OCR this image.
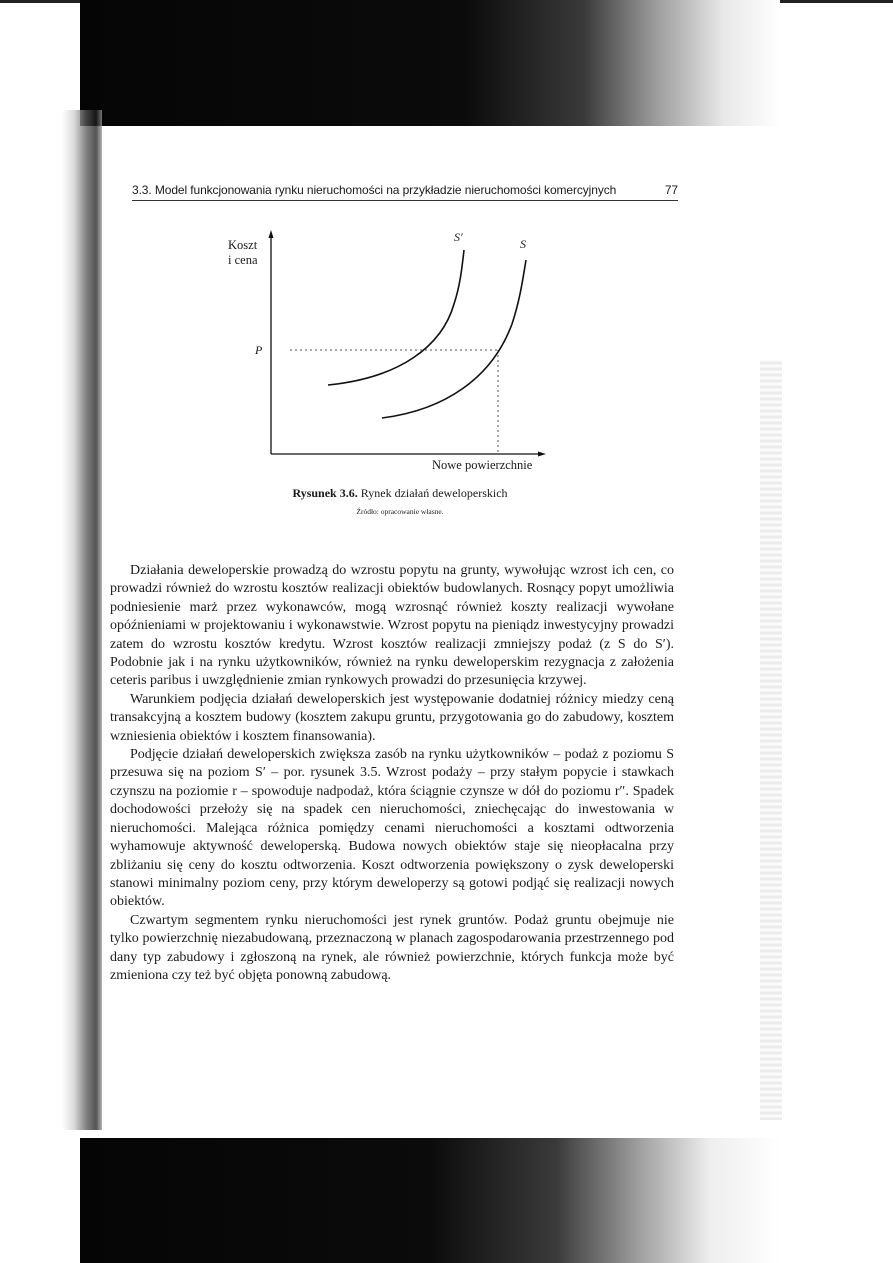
3.3. Model funkcjonowania rynku nieruchomości na przykładzie nieruchomości komercyjnych	77
Koszt
i cena
P
S′	S
Nowe powierzchnie
Rysunek 3.6. Rynek działań deweloperskich
Źródło: opracowanie własne.

Działania deweloperskie prowadzą do wzrostu popytu na grunty, wywołując wzrost ich cen, co prowadzi również do wzrostu kosztów realizacji obiektów budowlanych. Rosnący popyt umożliwia podniesienie marż przez wykonawców, mogą wzrosnąć również koszty realizacji wywołane opóźnieniami w projektowaniu i wykonawstwie. Wzrost popytu na pieniądz inwestycyjny prowadzi zatem do wzrostu kosztów kredytu. Wzrost kosztów realizacji zmniejszy podaż (z S do S′). Podobnie jak i na rynku użytkowników, również na rynku deweloperskim rezygnacja z założenia ceteris paribus i uwzględnienie zmian rynkowych prowadzi do przesunięcia krzywej.

Warunkiem podjęcia działań deweloperskich jest występowanie dodatniej różnicy miedzy ceną transakcyjną a kosztem budowy (kosztem zakupu gruntu, przygotowania go do zabudowy, kosztem wzniesienia obiektów i kosztem finansowania).

Podjęcie działań deweloperskich zwiększa zasób na rynku użytkowników – podaż z poziomu S przesuwa się na poziom S′ – por. rysunek 3.5. Wzrost podaży – przy stałym popycie i stawkach czynszu na poziomie r – spowoduje nadpodaż, która ściągnie czynsze w dół do poziomu r″. Spadek dochodowości przełoży się na spadek cen nieruchomości, zniechęcając do inwestowania w nieruchomości. Malejąca różnica pomiędzy cenami nieruchomości a kosztami odtworzenia wyhamowuje aktywność deweloperską. Budowa nowych obiektów staje się nieopłacalna przy zbliżaniu się ceny do kosztu odtworzenia. Koszt odtworzenia powiększony o zysk deweloperski stanowi minimalny poziom ceny, przy którym deweloperzy są gotowi podjąć się realizacji nowych obiektów.

Czwartym segmentem rynku nieruchomości jest rynek gruntów. Podaż gruntu obejmuje nie tylko powierzchnię niezabudowaną, przeznaczoną w planach zagospodarowania przestrzennego pod dany typ zabudowy i zgłoszoną na rynek, ale również powierzchnie, których funkcja może być zmieniona czy też być objęta ponowną zabudową.
